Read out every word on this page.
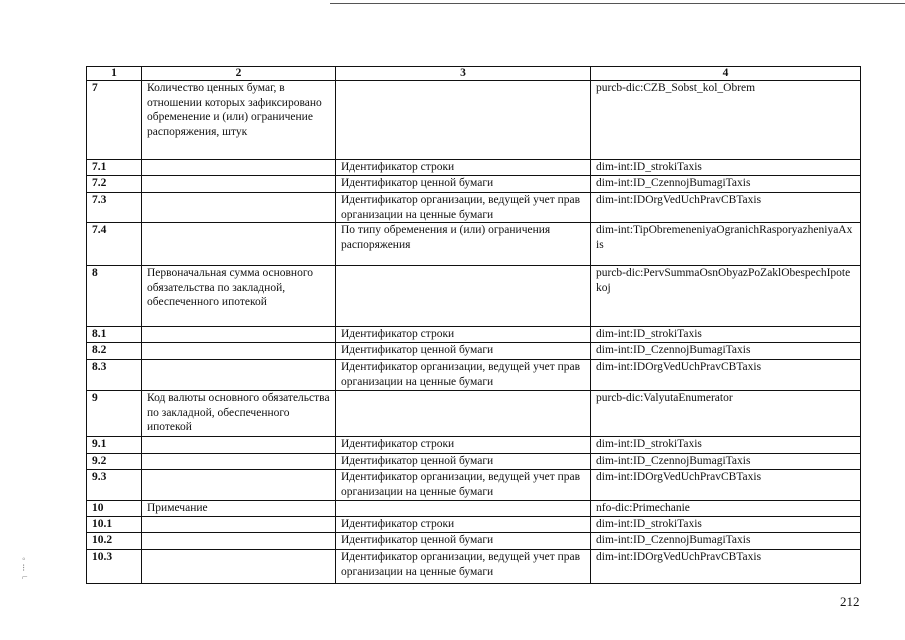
1	2	3	4
7	Количество ценных бумаг, в отношении которых зафиксировано обременение и (или) ограничение распоряжения, штук		purcb-dic:CZB_Sobst_kol_Obrem
7.1		Идентификатор строки	dim-int:ID_strokiTaxis
7.2		Идентификатор ценной бумаги	dim-int:ID_CzennojBumagiTaxis
7.3		Идентификатор организации, ведущей учет прав организации на ценные бумаги	dim-int:IDOrgVedUchPravCBTaxis
7.4		По типу обременения и (или) ограничения распоряжения	dim-int:TipObremeneniyaOgranichRasporyazheniyaAxis
8	Первоначальная сумма основного обязательства по закладной, обеспеченного ипотекой		purcb-dic:PervSummaOsnObyazPoZaklObespechIpotekoj
8.1		Идентификатор строки	dim-int:ID_strokiTaxis
8.2		Идентификатор ценной бумаги	dim-int:ID_CzennojBumagiTaxis
8.3		Идентификатор организации, ведущей учет прав организации на ценные бумаги	dim-int:IDOrgVedUchPravCBTaxis
9	Код валюты основного обязательства по закладной, обеспеченного ипотекой		purcb-dic:ValyutaEnumerator
9.1		Идентификатор строки	dim-int:ID_strokiTaxis
9.2		Идентификатор ценной бумаги	dim-int:ID_CzennojBumagiTaxis
9.3		Идентификатор организации, ведущей учет прав организации на ценные бумаги	dim-int:IDOrgVedUchPravCBTaxis
10	Примечание		nfo-dic:Primechanie
10.1		Идентификатор строки	dim-int:ID_strokiTaxis
10.2		Идентификатор ценной бумаги	dim-int:ID_CzennojBumagiTaxis
10.3		Идентификатор организации, ведущей учет прав организации на ценные бумаги	dim-int:IDOrgVedUchPravCBTaxis
◦
⁝
⌐
212
